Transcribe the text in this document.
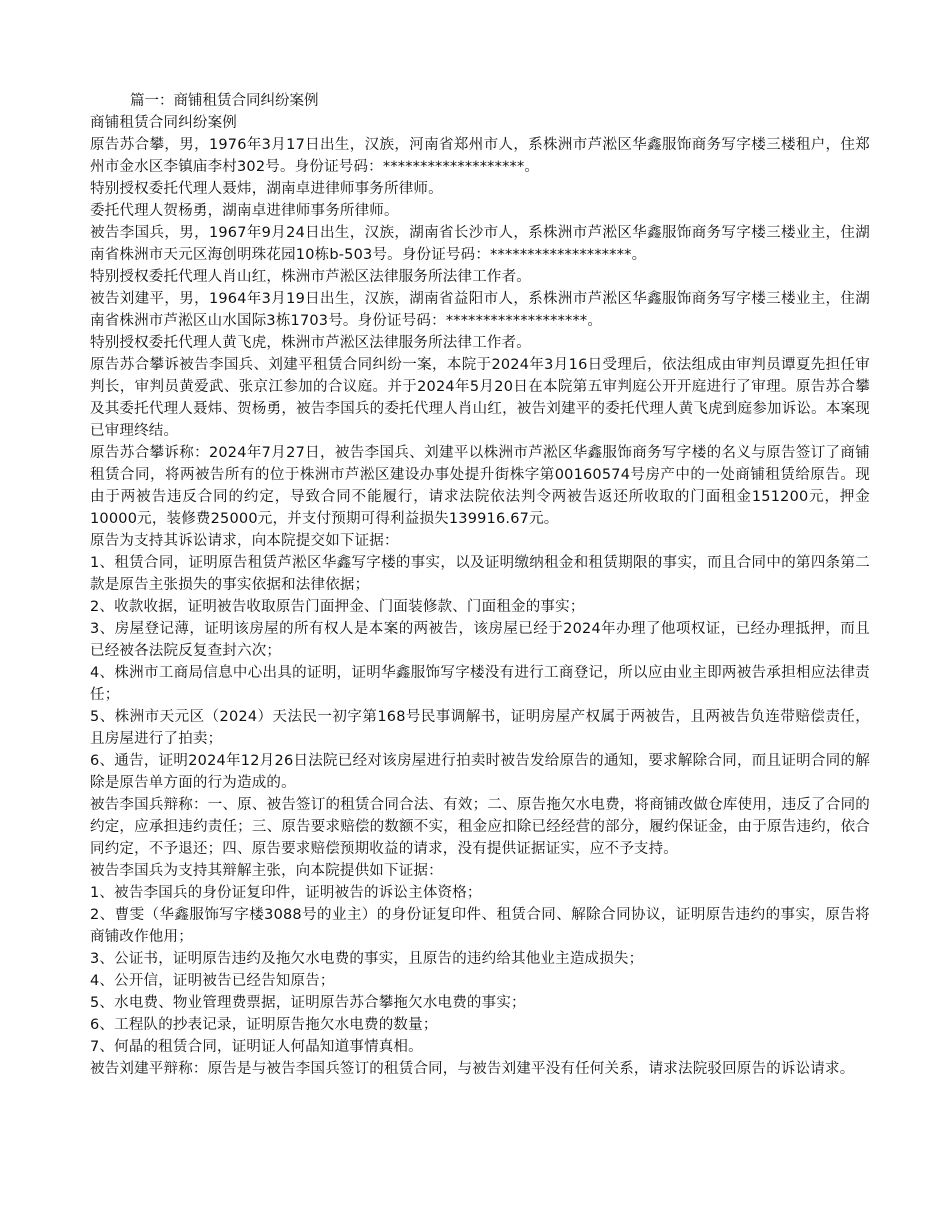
篇一：商铺租赁合同纠纷案例

商铺租赁合同纠纷案例

原告苏合攀，男，1976年3月17日出生，汉族，河南省郑州市人，系株洲市芦淞区华鑫服饰商务写字楼三楼租户，住郑州市金水区李镇庙李村302号。身份证号码：*******************。

特别授权委托代理人聂炜，湖南卓进律师事务所律师。

委托代理人贺杨勇，湖南卓进律师事务所律师。

被告李国兵，男，1967年9月24日出生，汉族，湖南省长沙市人，系株洲市芦淞区华鑫服饰商务写字楼三楼业主，住湖南省株洲市天元区海创明珠花园10栋b-503号。身份证号码：*******************。

特别授权委托代理人肖山红，株洲市芦淞区法律服务所法律工作者。

被告刘建平，男，1964年3月19日出生，汉族，湖南省益阳市人，系株洲市芦淞区华鑫服饰商务写字楼三楼业主，住湖南省株洲市芦淞区山水国际3栋1703号。身份证号码：*******************。

特别授权委托代理人黄飞虎，株洲市芦淞区法律服务所法律工作者。

原告苏合攀诉被告李国兵、刘建平租赁合同纠纷一案，本院于2024年3月16日受理后，依法组成由审判员谭夏先担任审判长，审判员黄爱武、张京江参加的合议庭。并于2024年5月20日在本院第五审判庭公开开庭进行了审理。原告苏合攀及其委托代理人聂炜、贺杨勇，被告李国兵的委托代理人肖山红，被告刘建平的委托代理人黄飞虎到庭参加诉讼。本案现已审理终结。

原告苏合攀诉称：2024年7月27日，被告李国兵、刘建平以株洲市芦淞区华鑫服饰商务写字楼的名义与原告签订了商铺租赁合同，将两被告所有的位于株洲市芦淞区建设办事处提升街株字第00160574号房产中的一处商铺租赁给原告。现由于两被告违反合同的约定，导致合同不能履行，请求法院依法判令两被告返还所收取的门面租金151200元，押金10000元，装修费25000元，并支付预期可得利益损失139916.67元。

原告为支持其诉讼请求，向本院提交如下证据：

1、租赁合同，证明原告租赁芦淞区华鑫写字楼的事实，以及证明缴纳租金和租赁期限的事实，而且合同中的第四条第二款是原告主张损失的事实依据和法律依据；

2、收款收据，证明被告收取原告门面押金、门面装修款、门面租金的事实；

3、房屋登记薄，证明该房屋的所有权人是本案的两被告，该房屋已经于2024年办理了他项权证，已经办理抵押，而且已经被各法院反复查封六次；

4、株洲市工商局信息中心出具的证明，证明华鑫服饰写字楼没有进行工商登记，所以应由业主即两被告承担相应法律责任；

5、株洲市天元区（2024）天法民一初字第168号民事调解书，证明房屋产权属于两被告，且两被告负连带赔偿责任，且房屋进行了拍卖；

6、通告，证明2024年12月26日法院已经对该房屋进行拍卖时被告发给原告的通知，要求解除合同，而且证明合同的解除是原告单方面的行为造成的。

被告李国兵辩称：一、原、被告签订的租赁合同合法、有效；二、原告拖欠水电费，将商铺改做仓库使用，违反了合同的约定，应承担违约责任；三、原告要求赔偿的数额不实，租金应扣除已经经营的部分，履约保证金，由于原告违约，依合同约定，不予退还；四、原告要求赔偿预期收益的请求，没有提供证据证实，应不予支持。

被告李国兵为支持其辩解主张，向本院提供如下证据：

1、被告李国兵的身份证复印件，证明被告的诉讼主体资格；

2、曹雯（华鑫服饰写字楼3088号的业主）的身份证复印件、租赁合同、解除合同协议，证明原告违约的事实，原告将商铺改作他用；

3、公证书，证明原告违约及拖欠水电费的事实，且原告的违约给其他业主造成损失；

4、公开信，证明被告已经告知原告；

5、水电费、物业管理费票据，证明原告苏合攀拖欠水电费的事实；

6、工程队的抄表记录，证明原告拖欠水电费的数量；

7、何晶的租赁合同，证明证人何晶知道事情真相。

被告刘建平辩称：原告是与被告李国兵签订的租赁合同，与被告刘建平没有任何关系，请求法院驳回原告的诉讼请求。
